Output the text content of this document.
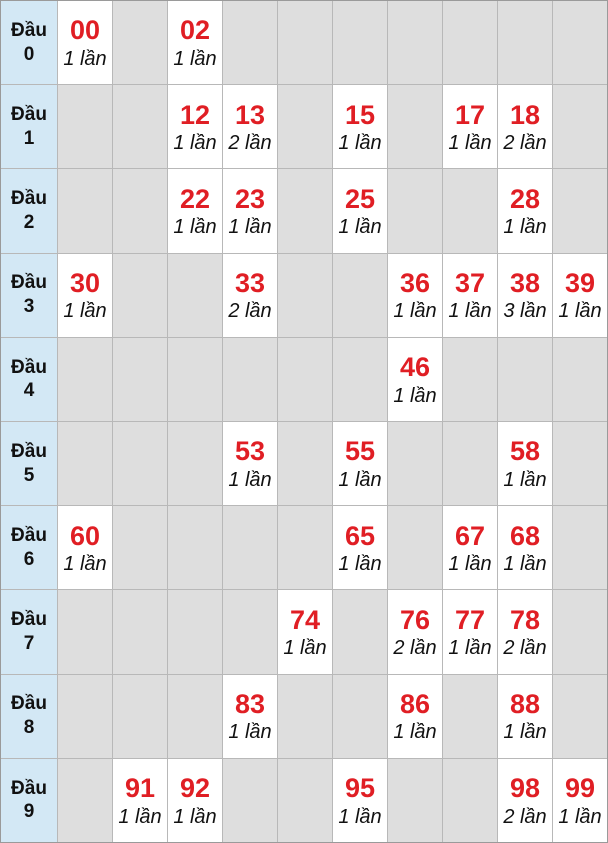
Đầu
0
00
1 lần
02
1 lần
Đầu
1
12
1 lần
13
2 lần
15
1 lần
17
1 lần
18
2 lần
Đầu
2
22
1 lần
23
1 lần
25
1 lần
28
1 lần
Đầu
3
30
1 lần
33
2 lần
36
1 lần
37
1 lần
38
3 lần
39
1 lần
Đầu
4
46
1 lần
Đầu
5
53
1 lần
55
1 lần
58
1 lần
Đầu
6
60
1 lần
65
1 lần
67
1 lần
68
1 lần
Đầu
7
74
1 lần
76
2 lần
77
1 lần
78
2 lần
Đầu
8
83
1 lần
86
1 lần
88
1 lần
Đầu
9
91
1 lần
92
1 lần
95
1 lần
98
2 lần
99
1 lần
